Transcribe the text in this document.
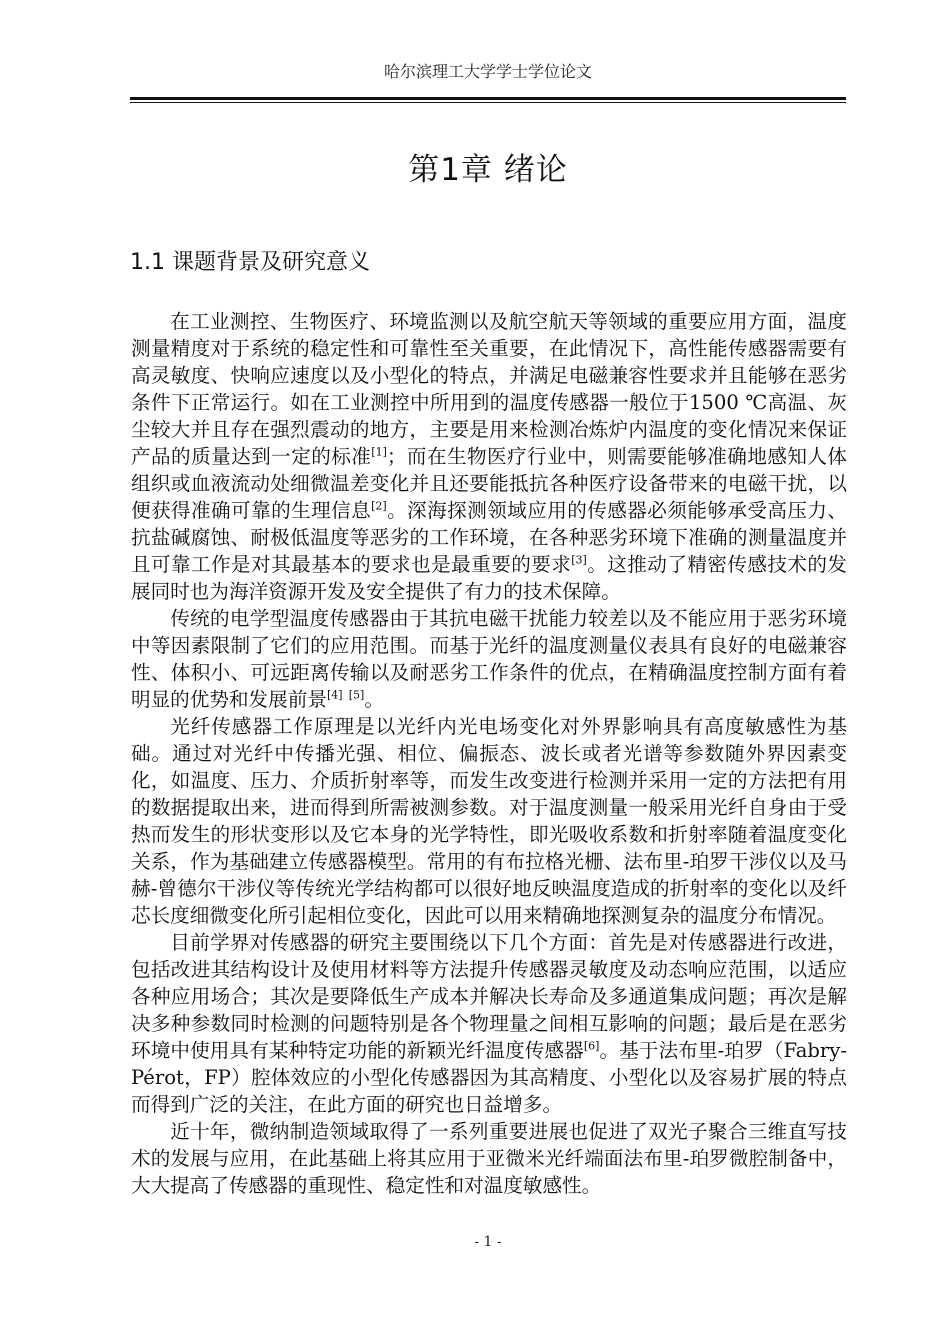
哈尔滨理工大学学士学位论文
第1章 绪论
1.1 课题背景及研究意义

在工业测控、生物医疗、环境监测以及航空航天等领域的重要应用方面，温度测量精度对于系统的稳定性和可靠性至关重要，在此情况下，高性能传感器需要有高灵敏度、快响应速度以及小型化的特点，并满足电磁兼容性要求并且能够在恶劣条件下正常运行。如在工业测控中所用到的温度传感器一般位于1500 ℃高温、灰尘较大并且存在强烈震动的地方，主要是用来检测冶炼炉内温度的变化情况来保证产品的质量达到一定的标准[1]；而在生物医疗行业中，则需要能够准确地感知人体组织或血液流动处细微温差变化并且还要能抵抗各种医疗设备带来的电磁干扰，以便获得准确可靠的生理信息[2]。深海探测领域应用的传感器必须能够承受高压力、抗盐碱腐蚀、耐极低温度等恶劣的工作环境，在各种恶劣环境下准确的测量温度并且可靠工作是对其最基本的要求也是最重要的要求[3]。这推动了精密传感技术的发展同时也为海洋资源开发及安全提供了有力的技术保障。

传统的电学型温度传感器由于其抗电磁干扰能力较差以及不能应用于恶劣环境中等因素限制了它们的应用范围。而基于光纤的温度测量仪表具有良好的电磁兼容性、体积小、可远距离传输以及耐恶劣工作条件的优点，在精确温度控制方面有着明显的优势和发展前景[4] [5]。

光纤传感器工作原理是以光纤内光电场变化对外界影响具有高度敏感性为基础。通过对光纤中传播光强、相位、偏振态、波长或者光谱等参数随外界因素变化，如温度、压力、介质折射率等，而发生改变进行检测并采用一定的方法把有用的数据提取出来，进而得到所需被测参数。对于温度测量一般采用光纤自身由于受热而发生的形状变形以及它本身的光学特性，即光吸收系数和折射率随着温度变化关系，作为基础建立传感器模型。常用的有布拉格光栅、法布里-珀罗干涉仪以及马赫-曾德尔干涉仪等传统光学结构都可以很好地反映温度造成的折射率的变化以及纤芯长度细微变化所引起相位变化，因此可以用来精确地探测复杂的温度分布情况。

目前学界对传感器的研究主要围绕以下几个方面：首先是对传感器进行改进，包括改进其结构设计及使用材料等方法提升传感器灵敏度及动态响应范围，以适应各种应用场合；其次是要降低生产成本并解决长寿命及多通道集成问题；再次是解决多种参数同时检测的问题特别是各个物理量之间相互影响的问题；最后是在恶劣环境中使用具有某种特定功能的新颖光纤温度传感器[6]。基于法布里-珀罗（Fabry-Pérot，FP）腔体效应的小型化传感器因为其高精度、小型化以及容易扩展的特点而得到广泛的关注，在此方面的研究也日益增多。

近十年，微纳制造领域取得了一系列重要进展也促进了双光子聚合三维直写技术的发展与应用，在此基础上将其应用于亚微米光纤端面法布里-珀罗微腔制备中，大大提高了传感器的重现性、稳定性和对温度敏感性。

- 1 -
